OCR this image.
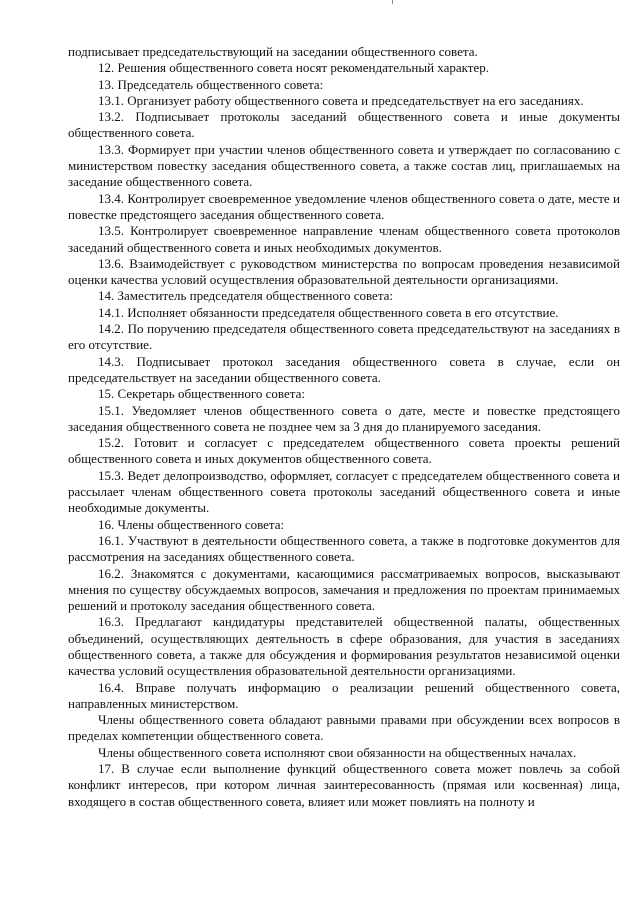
подписывает председательствующий на заседании общественного совета.

12. Решения общественного совета носят рекомендательный характер.

13. Председатель общественного совета:

13.1. Организует работу общественного совета и председательствует на его заседаниях.

13.2. Подписывает протоколы заседаний общественного совета и иные документы общественного совета.

13.3. Формирует при участии членов общественного совета и утверждает по согласованию с министерством повестку заседания общественного совета, а также состав лиц, приглашаемых на заседание общественного совета.

13.4. Контролирует своевременное уведомление членов общественного совета о дате, месте и повестке предстоящего заседания общественного совета.

13.5. Контролирует своевременное направление членам общественного совета протоколов заседаний общественного совета и иных необходимых документов.

13.6. Взаимодействует с руководством министерства по вопросам проведения независимой оценки качества условий осуществления образовательной деятельности организациями.

14. Заместитель председателя общественного совета:

14.1. Исполняет обязанности председателя общественного совета в его отсутствие.

14.2. По поручению председателя общественного совета председательствуют на заседаниях в его отсутствие.

14.3. Подписывает протокол заседания общественного совета в случае, если он председательствует на заседании общественного совета.

15. Секретарь общественного совета:

15.1. Уведомляет членов общественного совета о дате, месте и повестке предстоящего заседания общественного совета не позднее чем за 3 дня до планируемого заседания.

15.2. Готовит и согласует с председателем общественного совета проекты решений общественного совета и иных документов общественного совета.

15.3. Ведет делопроизводство, оформляет, согласует с председателем общественного совета и рассылает членам общественного совета протоколы заседаний общественного совета и иные необходимые документы.

16. Члены общественного совета:

16.1. Участвуют в деятельности общественного совета, а также в подготовке документов для рассмотрения на заседаниях общественного совета.

16.2. Знакомятся с документами, касающимися рассматриваемых вопросов, высказывают мнения по существу обсуждаемых вопросов, замечания и предложения по проектам принимаемых решений и протоколу заседания общественного совета.

16.3. Предлагают кандидатуры представителей общественной палаты, общественных объединений, осуществляющих деятельность в сфере образования, для участия в заседаниях общественного совета, а также для обсуждения и формирования результатов независимой оценки качества условий осуществления образовательной деятельности организациями.

16.4. Вправе получать информацию о реализации решений общественного совета, направленных министерством.

Члены общественного совета обладают равными правами при обсуждении всех вопросов в пределах компетенции общественного совета.

Члены общественного совета исполняют свои обязанности на общественных началах.

17. В случае если выполнение функций общественного совета может повлечь за собой конфликт интересов, при котором личная заинтересованность (прямая или косвенная) лица, входящего в состав общественного совета, влияет или может повлиять на полноту и
